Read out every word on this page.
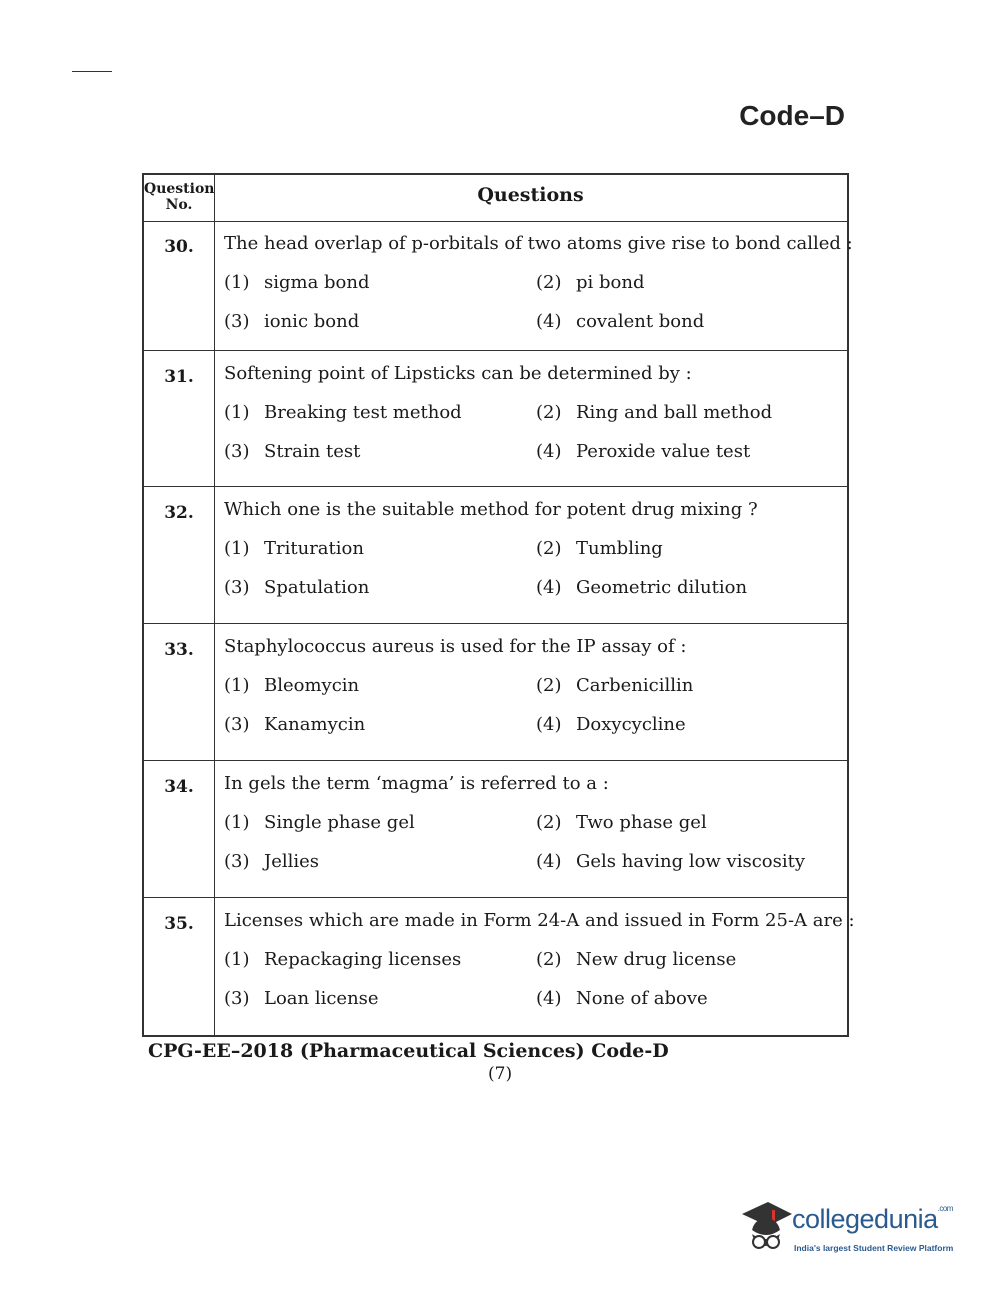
Code–D
Question
No.	Questions
30.	The head overlap of p-orbitals of two atoms give rise to bond called :
(1) sigma bond	(2) pi bond
(3) ionic bond	(4) covalent bond
31.	Softening point of Lipsticks can be determined by :
(1) Breaking test method	(2) Ring and ball method
(3) Strain test	(4) Peroxide value test
32.	Which one is the suitable method for potent drug mixing ?
(1) Trituration	(2) Tumbling
(3) Spatulation	(4) Geometric dilution
33.	Staphylococcus aureus is used for the IP assay of :
(1) Bleomycin	(2) Carbenicillin
(3) Kanamycin	(4) Doxycycline
34.	In gels the term ‘magma’ is referred to a :
(1) Single phase gel	(2) Two phase gel
(3) Jellies	(4) Gels having low viscosity
35.	Licenses which are made in Form 24-A and issued in Form 25-A are :
(1) Repackaging licenses	(2) New drug license
(3) Loan license	(4) None of above
CPG-EE–2018 (Pharmaceutical Sciences) Code-D
(7)
collegedunia$^{.com}$
India's largest Student Review Platform
